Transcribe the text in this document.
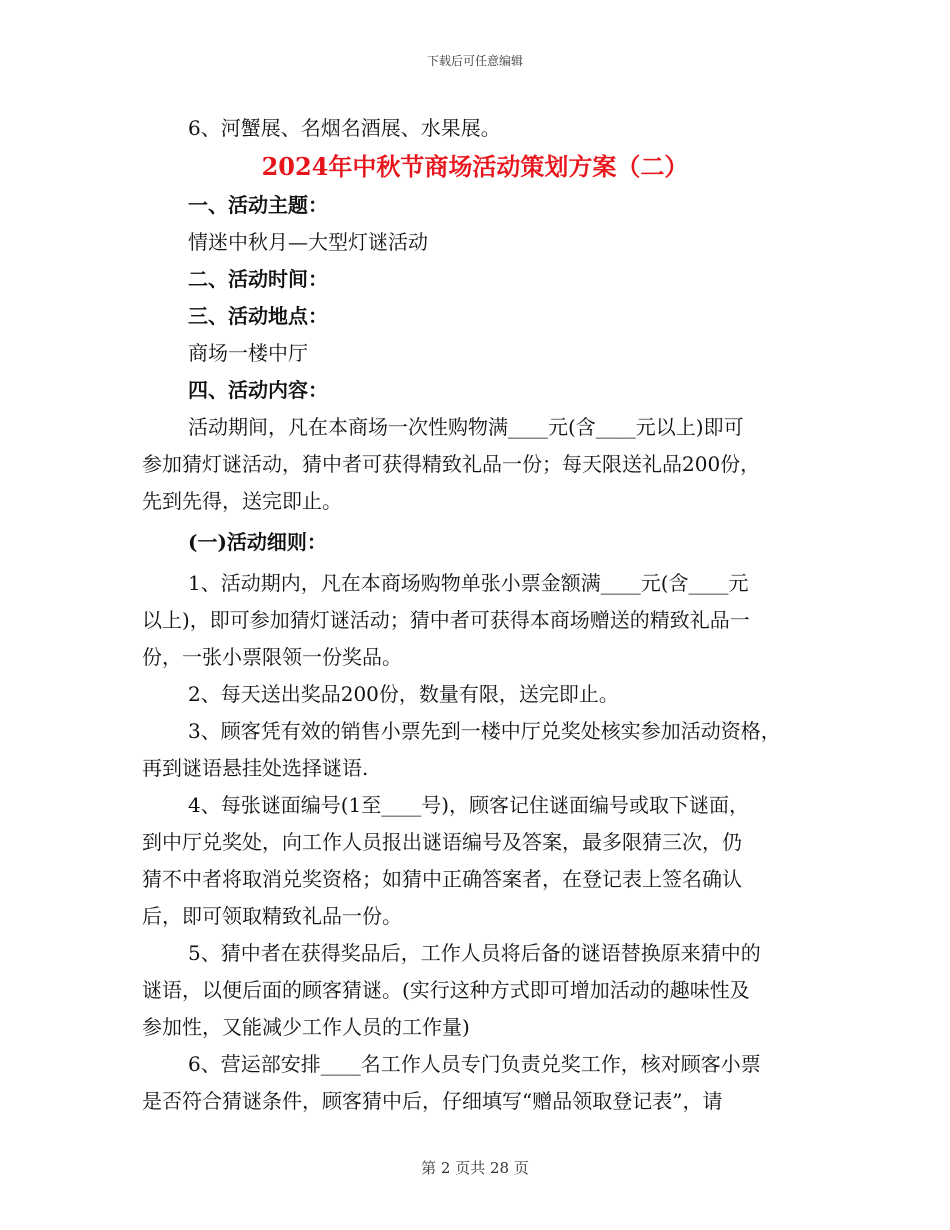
下载后可任意编辑

6、河蟹展、名烟名酒展、水果展。

2024年中秋节商场活动策划方案（二）

一、活动主题：

情迷中秋月—大型灯谜活动

二、活动时间：

三、活动地点：

商场一楼中厅

四、活动内容：

活动期间，凡在本商场一次性购物满____元(含____元以上)即可

参加猜灯谜活动，猜中者可获得精致礼品一份；每天限送礼品200份，

先到先得，送完即止。

(一)活动细则：

1、活动期内，凡在本商场购物单张小票金额满____元(含____元

以上)，即可参加猜灯谜活动；猜中者可获得本商场赠送的精致礼品一

份，一张小票限领一份奖品。

2、每天送出奖品200份，数量有限，送完即止。

3、顾客凭有效的销售小票先到一楼中厅兑奖处核实参加活动资格，

再到谜语悬挂处选择谜语.

4、每张谜面编号(1至____号)，顾客记住谜面编号或取下谜面，

到中厅兑奖处，向工作人员报出谜语编号及答案，最多限猜三次，仍

猜不中者将取消兑奖资格；如猜中正确答案者，在登记表上签名确认

后，即可领取精致礼品一份。

5、猜中者在获得奖品后，工作人员将后备的谜语替换原来猜中的

谜语，以便后面的顾客猜谜。(实行这种方式即可增加活动的趣味性及

参加性，又能减少工作人员的工作量)

6、营运部安排____名工作人员专门负责兑奖工作，核对顾客小票

是否符合猜谜条件，顾客猜中后，仔细填写“赠品领取登记表”，请

第 2 页共 28 页
